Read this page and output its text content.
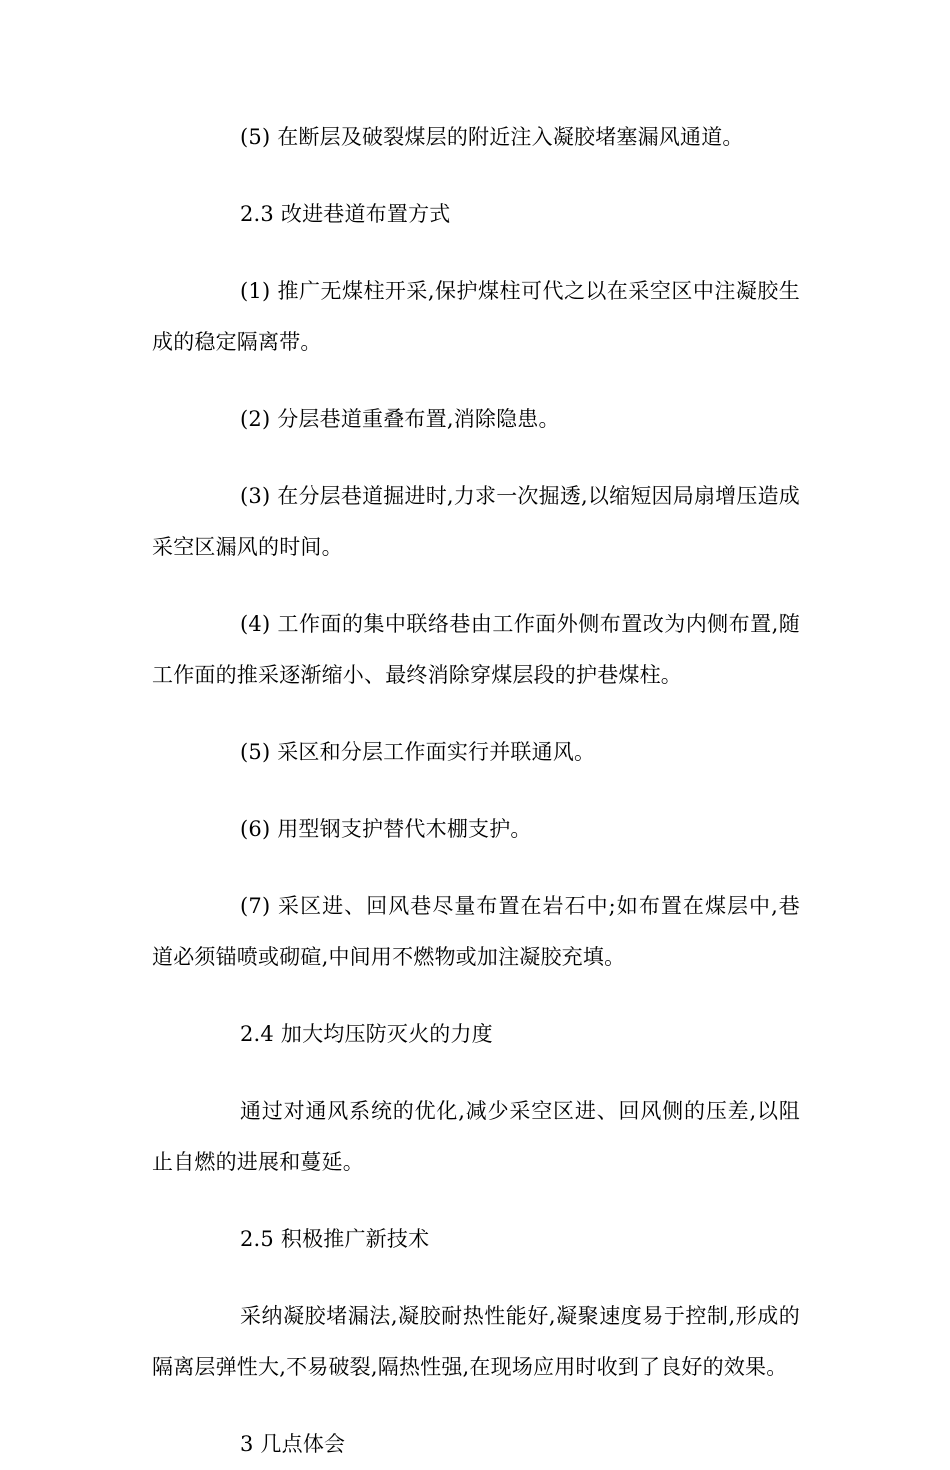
(5) 在断层及破裂煤层的附近注入凝胶堵塞漏风通道。

2.3 改进巷道布置方式

(1) 推广无煤柱开采,保护煤柱可代之以在采空区中注凝胶生成的稳定隔离带。

(2) 分层巷道重叠布置,消除隐患。

(3) 在分层巷道掘进时,力求一次掘透,以缩短因局扇增压造成采空区漏风的时间。

(4) 工作面的集中联络巷由工作面外侧布置改为内侧布置,随工作面的推采逐渐缩小、最终消除穿煤层段的护巷煤柱。

(5) 采区和分层工作面实行并联通风。

(6) 用型钢支护替代木棚支护。

(7) 采区进、回风巷尽量布置在岩石中;如布置在煤层中,巷道必须锚喷或砌碹,中间用不燃物或加注凝胶充填。

2.4 加大均压防灭火的力度

通过对通风系统的优化,减少采空区进、回风侧的压差,以阻止自燃的进展和蔓延。

2.5 积极推广新技术

采纳凝胶堵漏法,凝胶耐热性能好,凝聚速度易于控制,形成的隔离层弹性大,不易破裂,隔热性强,在现场应用时收到了良好的效果。

3 几点体会
